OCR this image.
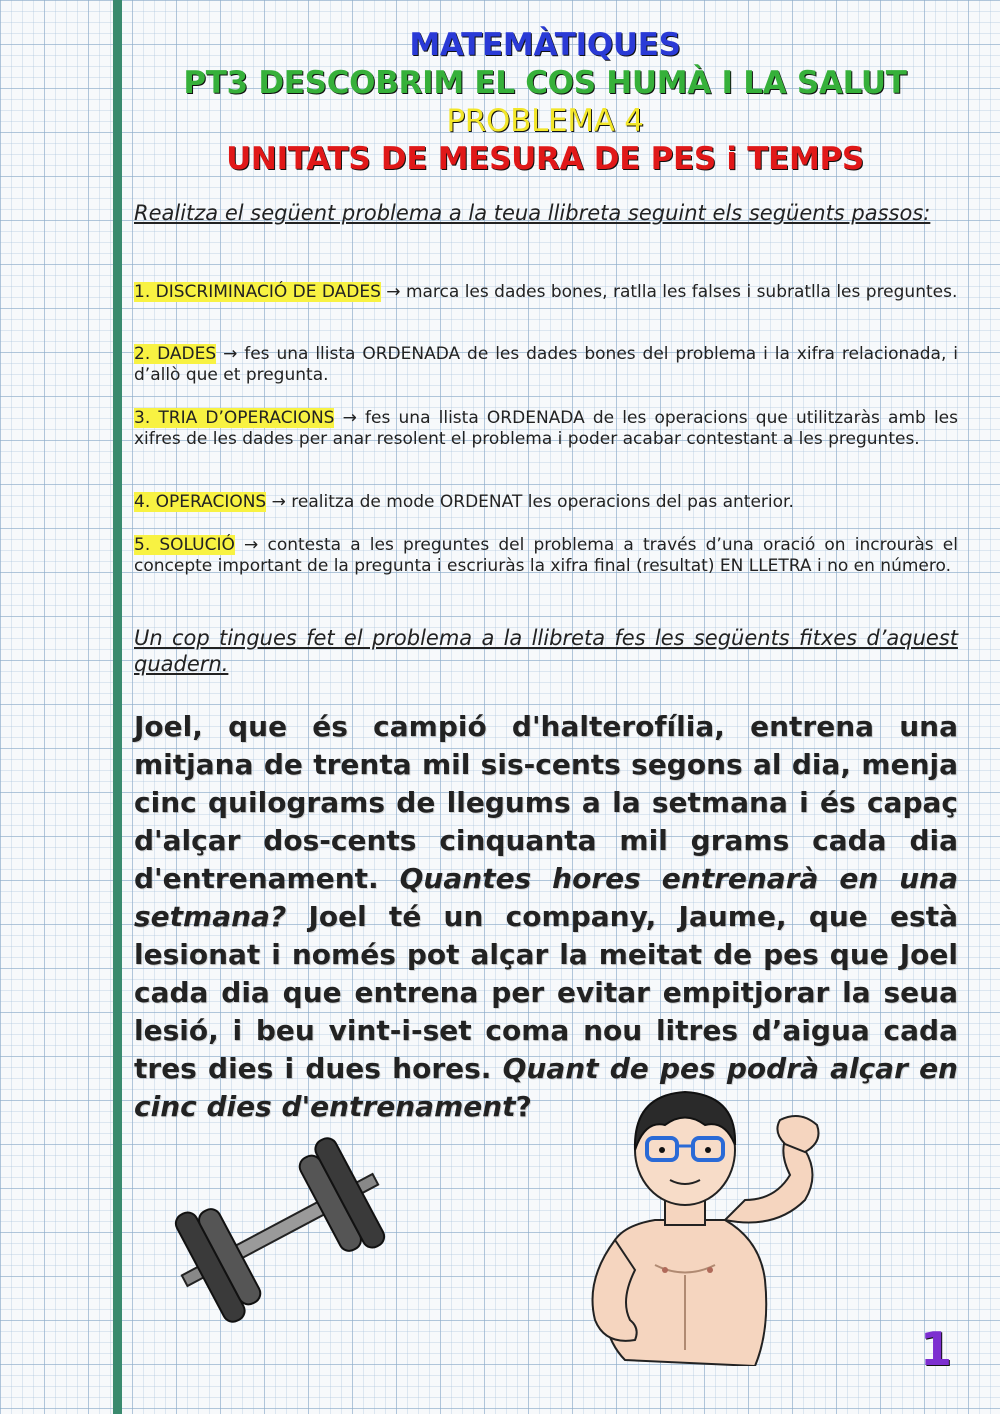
MATEMÀTIQUES
PT3 DESCOBRIM EL COS HUMÀ I LA SALUT
PROBLEMA 4
UNITATS DE MESURA DE PES i TEMPS

Realitza el següent problema a la teua llibreta seguint els següents passos:

1. DISCRIMINACIÓ DE DADES → marca les dades bones, ratlla les falses i subratlla les preguntes.

2. DADES → fes una llista ORDENADA de les dades bones del problema i la xifra relacionada, i d’allò que et pregunta.

3. TRIA D’OPERACIONS → fes una llista ORDENADA de les operacions que utilitzaràs amb les xifres de les dades per anar resolent el problema i poder acabar contestant a les preguntes.

4. OPERACIONS → realitza de mode ORDENAT les operacions del pas anterior.

5. SOLUCIÓ → contesta a les preguntes del problema a través d’una oració on incrouràs el concepte important de la pregunta i escriuràs la xifra final (resultat) EN LLETRA i no en número.

Un cop tingues fet el problema a la llibreta fes les següents fitxes d’aquest quadern.

Joel, que és campió d'halterofília, entrena una mitjana de trenta mil sis-cents segons al dia, menja cinc quilograms de llegums a la setmana i és capaç d'alçar dos-cents cinquanta mil grams cada dia d'entrenament. Quantes hores entrenarà en una setmana? Joel té un company, Jaume, que està lesionat i només pot alçar la meitat de pes que Joel cada dia que entrena per evitar empitjorar la seua lesió, i beu vint-i-set coma nou litres d’aigua cada tres dies i dues hores. Quant de pes podrà alçar en cinc dies d'entrenament?

1
